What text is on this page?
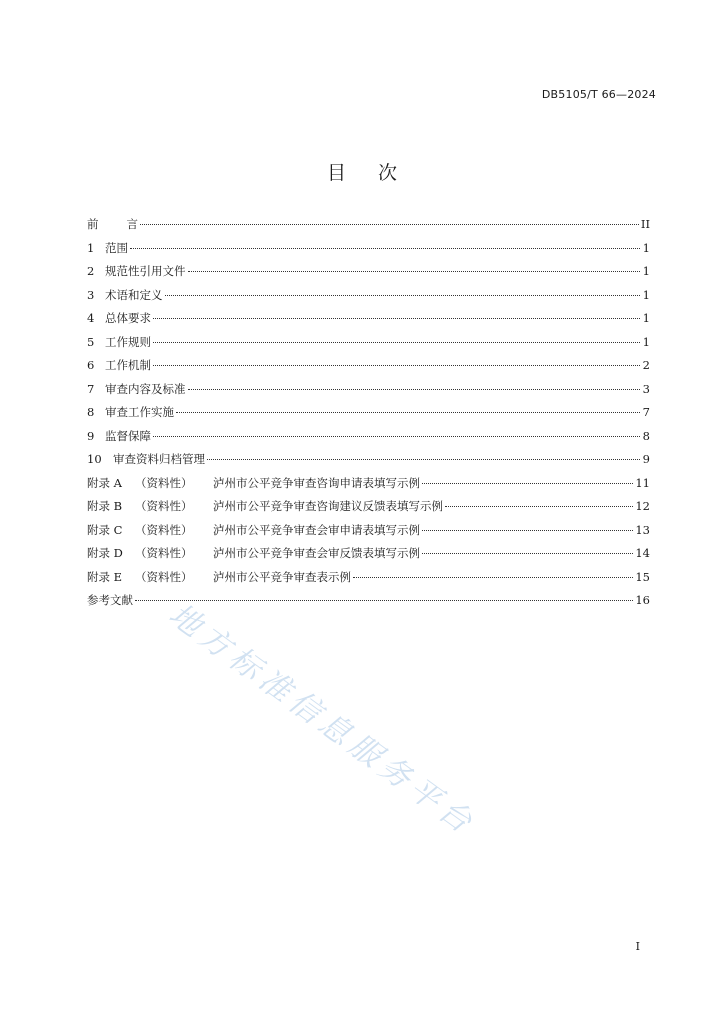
DB5105/T 66—2024
目次
前言	II
1 范围	1
2 规范性引用文件	1
3 术语和定义	1
4 总体要求	1
5 工作规则	1
6 工作机制	2
7 审查内容及标准	3
8 审查工作实施	7
9 监督保障	8
10 审查资料归档管理	9
附录 A （资料性） 泸州市公平竞争审查咨询申请表填写示例	11
附录 B （资料性） 泸州市公平竞争审查咨询建议反馈表填写示例	12
附录 C （资料性） 泸州市公平竞争审查会审申请表填写示例	13
附录 D （资料性） 泸州市公平竞争审查会审反馈表填写示例	14
附录 E （资料性） 泸州市公平竞争审查表示例	15
参考文献	16
地方标准信息服务平台
I
